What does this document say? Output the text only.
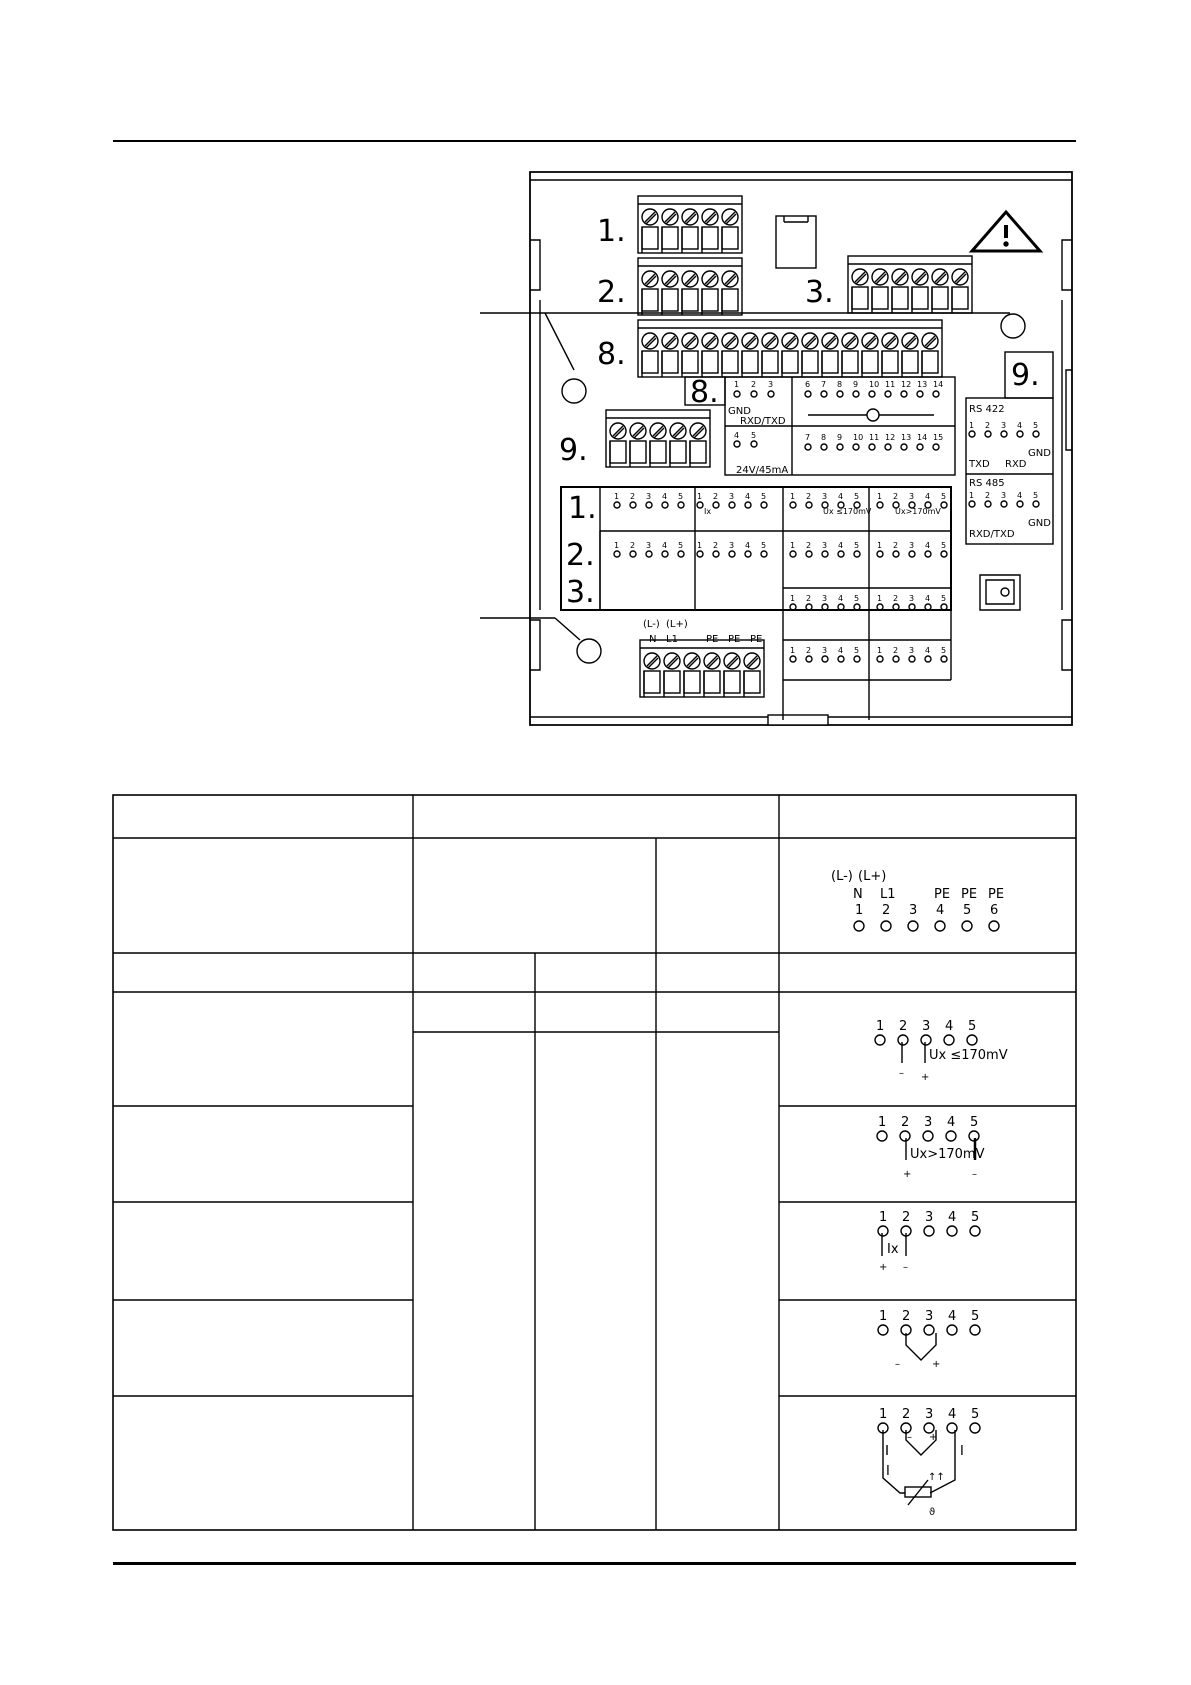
1.
2.	3.
8.
9.
8. 1 2 3	6 7 8 9 10 11 12 13 14
7 8 9 10 11 12 13 14 15
4 5
GND
RXD/TXD
24V/45mA
9.
RS 422
RS 485
TXD RXD
GND
GND
RXD/TXD
1 2 3 4 5
1 2 3 4 5
1.
2.
3.
1 2 3 4 5 1 2 3 4 5	1 2 3 4 5 1 2 3 4 5
1 2 3 4 5 1 2 3 4 5	1 2 3 4 5 1 2 3 4 5
1 2 3 4 5 1 2 3 4 5
1 2 3 4 5 1 2 3 4 5
Ux ≤170mV	Ux>170mV
Ix
(L-) (L+)
N L1	PE PE PE
(L-) (L+)
N
1
L1
2 3
PE
4
PE
5
PE
6
1 2 3 4 5
1 2 3 4 5
1 2 3 4 5
1 2 3 4 5
1 2 3 4 5
– +
Ux ≤170mV
+	–
Ux>170mV
+ –
Ix
–	+
I
I
↑↑
ϑ
+
–
